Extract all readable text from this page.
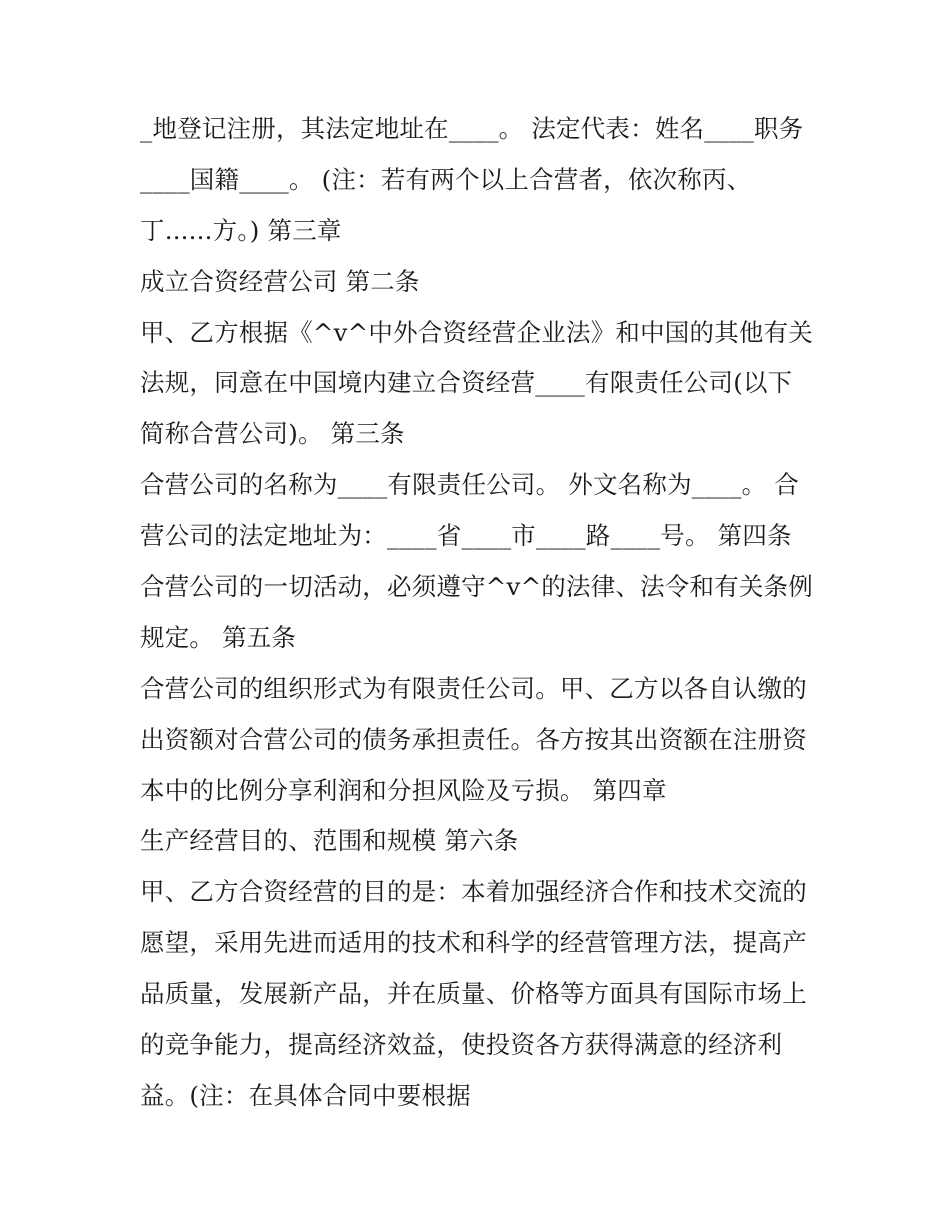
_地登记注册，其法定地址在____。 法定代表：姓名____职务
____国籍____。 (注：若有两个以上合营者，依次称丙、
丁......方。) 第三章
成立合资经营公司 第二条
甲、乙方根据《^v^中外合资经营企业法》和中国的其他有关
法规，同意在中国境内建立合资经营____有限责任公司(以下
简称合营公司)。 第三条
合营公司的名称为____有限责任公司。 外文名称为____。 合
营公司的法定地址为：____省____市____路____号。 第四条
合营公司的一切活动，必须遵守^v^的法律、法令和有关条例
规定。 第五条
合营公司的组织形式为有限责任公司。甲、乙方以各自认缴的
出资额对合营公司的债务承担责任。各方按其出资额在注册资
本中的比例分享利润和分担风险及亏损。 第四章
生产经营目的、范围和规模 第六条
甲、乙方合资经营的目的是：本着加强经济合作和技术交流的
愿望，采用先进而适用的技术和科学的经营管理方法，提高产
品质量，发展新产品，并在质量、价格等方面具有国际市场上
的竞争能力，提高经济效益，使投资各方获得满意的经济利
益。(注：在具体合同中要根据
